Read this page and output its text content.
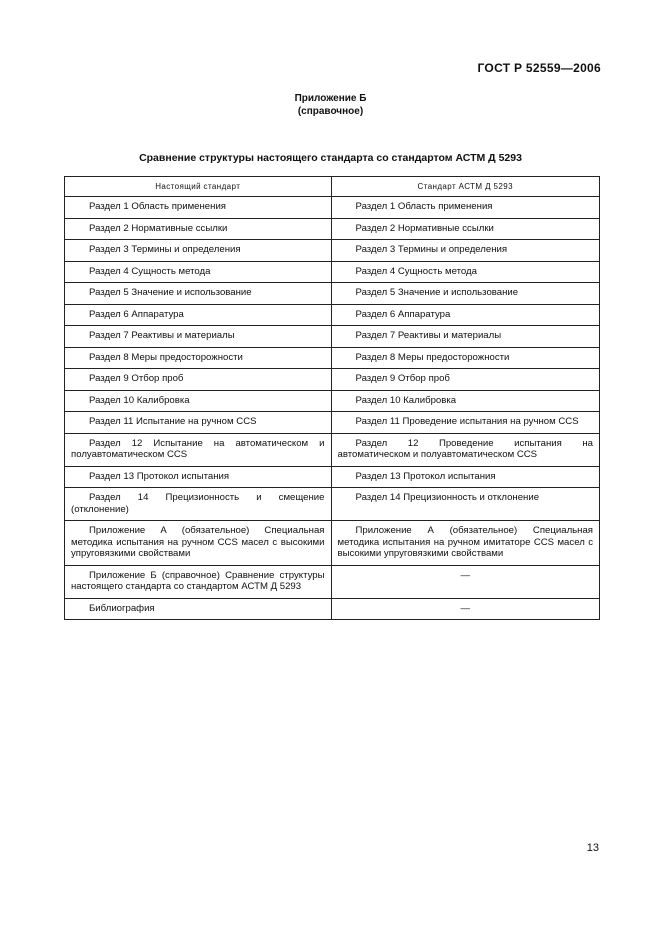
ГОСТ Р 52559—2006
Приложение Б
(справочное)
Сравнение структуры настоящего стандарта со стандартом АСТМ Д 5293
Настоящий стандарт	Стандарт АСТМ Д 5293
Раздел 1 Область применения	Раздел 1 Область применения
Раздел 2 Нормативные ссылки	Раздел 2 Нормативные ссылки
Раздел 3 Термины и определения	Раздел 3 Термины и определения
Раздел 4 Сущность метода	Раздел 4 Сущность метода
Раздел 5 Значение и использование	Раздел 5 Значение и использование
Раздел 6 Аппаратура	Раздел 6 Аппаратура
Раздел 7 Реактивы и материалы	Раздел 7 Реактивы и материалы
Раздел 8 Меры предосторожности	Раздел 8 Меры предосторожности
Раздел 9 Отбор проб	Раздел 9 Отбор проб
Раздел 10 Калибровка	Раздел 10 Калибровка
Раздел 11 Испытание на ручном CCS	Раздел 11 Проведение испытания на ручном CCS
Раздел 12 Испытание на автоматическом и полуавтоматическом CCS	Раздел 12 Проведение испытания на автоматическом и полуавтоматическом CCS
Раздел 13 Протокол испытания	Раздел 13 Протокол испытания
Раздел 14 Прецизионность и смещение (отклонение)	Раздел 14 Прецизионность и отклонение
Приложение А (обязательное) Специальная методика испытания на ручном CCS масел с высокими упруговязкими свойствами	Приложение А (обязательное) Специальная методика испытания на ручном имитаторе CCS масел с высокими упруговязкими свойствами
Приложение Б (справочное) Сравнение структуры настоящего стандарта со стандартом АСТМ Д 5293	—
Библиография	—
13
